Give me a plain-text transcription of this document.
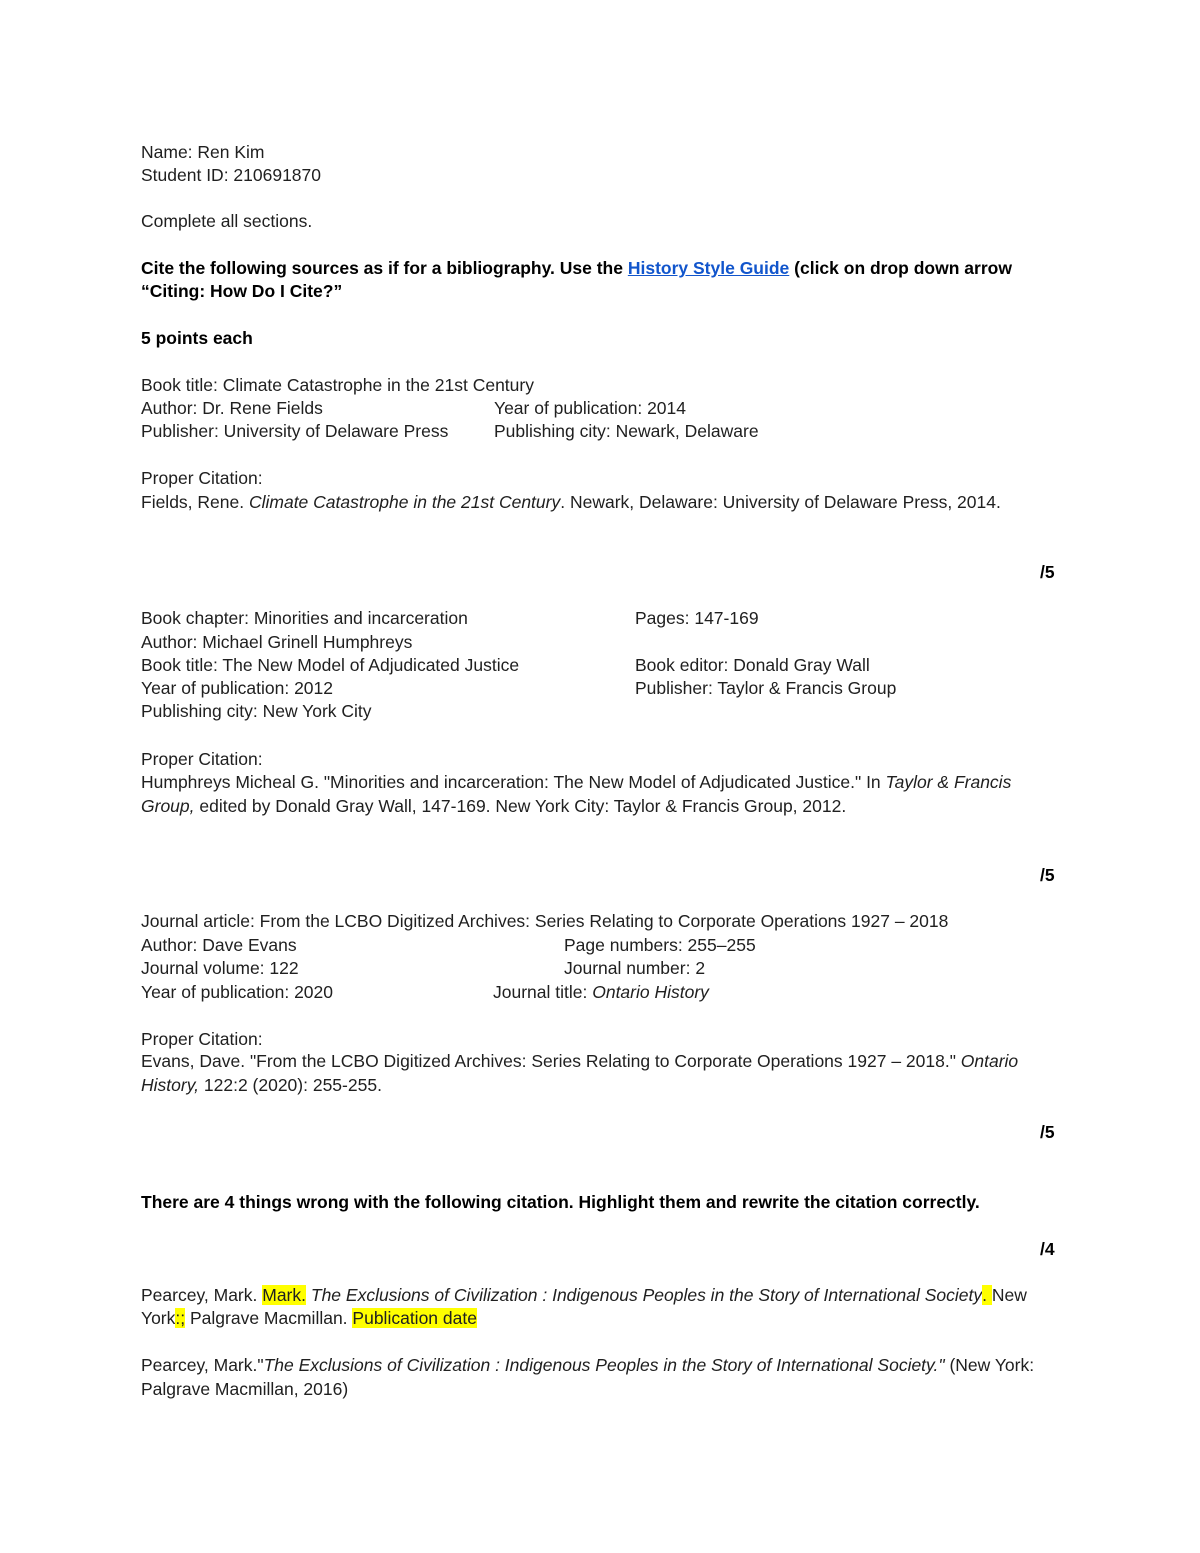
Name: Ren Kim
Student ID: 210691870
Complete all sections.
Cite the following sources as if for a bibliography. Use the History Style Guide (click on drop down arrow
“Citing: How Do I Cite?”
5 points each
Book title: Climate Catastrophe in the 21st Century
Author: Dr. Rene Fields	Year of publication: 2014
Publisher: University of Delaware Press	Publishing city: Newark, Delaware
Proper Citation:
Fields, Rene. Climate Catastrophe in the 21st Century. Newark, Delaware: University of Delaware Press, 2014.
/5
Book chapter: Minorities and incarceration	Pages: 147-169
Author: Michael Grinell Humphreys
Book title: The New Model of Adjudicated Justice	Book editor: Donald Gray Wall
Year of publication: 2012	Publisher: Taylor & Francis Group
Publishing city: New York City
Proper Citation:
Humphreys Micheal G. "Minorities and incarceration: The New Model of Adjudicated Justice." In Taylor & Francis
Group, edited by Donald Gray Wall, 147-169. New York City: Taylor & Francis Group, 2012.
/5
Journal article: From the LCBO Digitized Archives: Series Relating to Corporate Operations 1927 – 2018
Author: Dave Evans	Page numbers: 255–255
Journal volume: 122	Journal number: 2
Year of publication: 2020	Journal title: Ontario History
Proper Citation:
Evans, Dave. "From the LCBO Digitized Archives: Series Relating to Corporate Operations 1927 – 2018." Ontario
History, 122:2 (2020): 255-255.
/5
There are 4 things wrong with the following citation. Highlight them and rewrite the citation correctly.
/4
Pearcey, Mark. Mark. The Exclusions of Civilization : Indigenous Peoples in the Story of International Society. New
York:; Palgrave Macmillan. Publication date
Pearcey, Mark."The Exclusions of Civilization : Indigenous Peoples in the Story of International Society." (New York:
Palgrave Macmillan, 2016)
